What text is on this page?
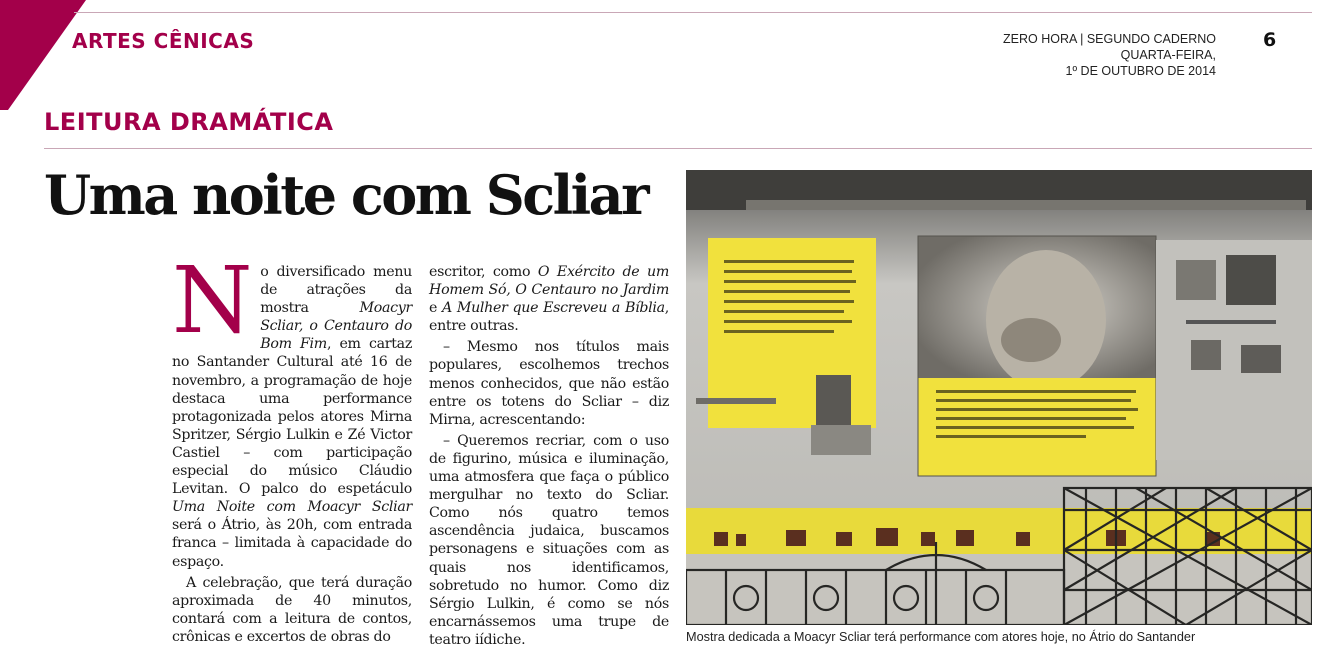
ARTES CÊNICAS	ZERO HORA | SEGUNDO CADERNO
QUARTA-FEIRA,
1º DE OUTUBRO DE 2014
6
LEITURA DRAMÁTICA
Uma noite com Scliar
N o diversificado menu de atrações da mostra Moacyr Scliar, o Centauro do Bom Fim, em cartaz no Santander Cultural até 16 de novembro, a programação de hoje destaca uma performance protagonizada pelos atores Mirna Spritzer, Sérgio Lulkin e Zé Victor Castiel – com participação especial do músico Cláudio Levitan. O palco do espetáculo Uma Noite com Moacyr Scliar será o Átrio, às 20h, com entrada franca – limitada à capacidade do espaço.

A celebração, que terá duração aproximada de 40 minutos, contará com a leitura de contos, crônicas e excertos de obras do

escritor, como O Exército de um Homem Só, O Centauro no Jardim e A Mulher que Escreveu a Bíblia, entre outras.

– Mesmo nos títulos mais populares, escolhemos trechos menos conhecidos, que não estão entre os totens do Scliar – diz Mirna, acrescentando:

– Queremos recriar, com o uso de figurino, música e iluminação, uma atmosfera que faça o público mergulhar no texto do Scliar. Como nós quatro temos ascendência judaica, buscamos personagens e situações com as quais nos identificamos, sobretudo no humor. Como diz Sérgio Lulkin, é como se nós encarnássemos uma trupe de teatro iídiche.	Mostra dedicada a Moacyr Scliar terá performance com atores hoje, no Átrio do Santander
